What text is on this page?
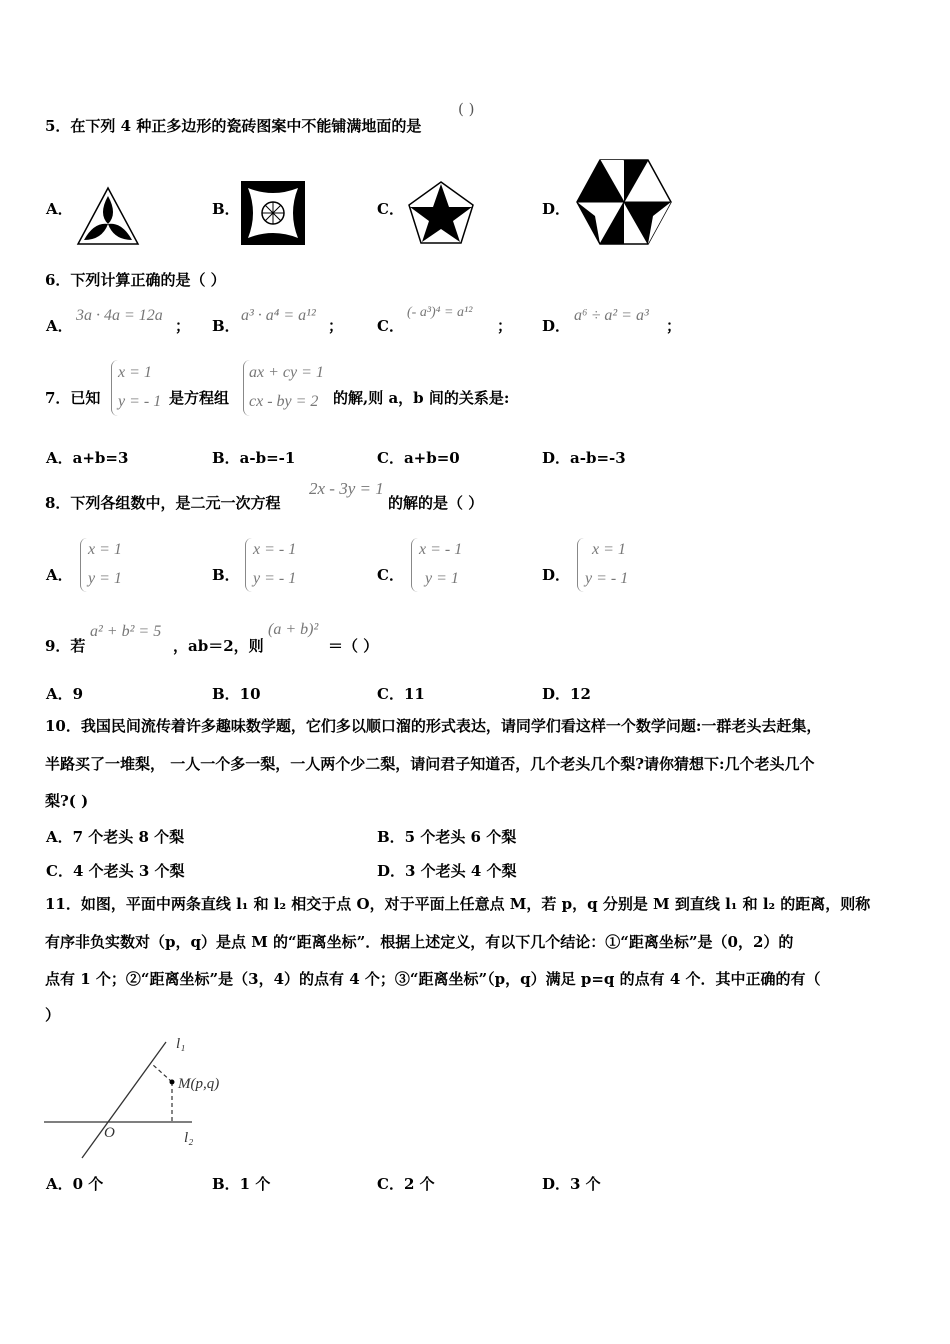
5．在下列 4 种正多边形的瓷砖图案中不能铺满地面的是
( )
A．	B．	C．	D．
6．下列计算正确的是（ ）
A．
3a · 4a = 12a
； B．
a³ · a⁴ = a¹²
； C．
(- a³)⁴ = a¹²
； D．
a⁶ ÷ a² = a³
；
7．已知
x = 1
y = - 1 是方程组
ax + cy = 1
cx - by = 2 的解,则 a，b 间的关系是:
A．a+b=3	B．a-b=-1	C．a+b=0	D．a-b=-3
8．下列各组数中，是二元一次方程
2x - 3y = 1
的解的是（ ）
A．
x = 1
y = 1	B．
x = - 1
y = - 1	C．
x = - 1
y = 1	D．
x = 1
y = - 1
9．若
a² + b² = 5
，ab＝2，则
(a + b)²
＝（ ）
A．9	B．10	C．11	D．12
10．我国民间流传着许多趣味数学题，它们多以顺口溜的形式表达，请同学们看这样一个数学问题:一群老头去赶集，
半路买了一堆梨， 一人一个多一梨，一人两个少二梨，请问君子知道否，几个老头几个梨?请你猜想下:几个老头几个
梨?( )
A．7 个老头 8 个梨	B．5 个老头 6 个梨
C．4 个老头 3 个梨	D．3 个老头 4 个梨
11．如图，平面中两条直线 l₁ 和 l₂ 相交于点 O，对于平面上任意点 M，若 p，q 分别是 M 到直线 l₁ 和 l₂ 的距离，则称
有序非负实数对（p，q）是点 M 的“距离坐标”．根据上述定义，有以下几个结论：①“距离坐标”是（0，2）的
点有 1 个；②“距离坐标”是（3，4）的点有 4 个；③“距离坐标”（p，q）满足 p=q 的点有 4 个．其中正确的有（
）
l₁
M(p,q)
O	l₂
A．0 个	B．1 个	C．2 个	D．3 个
